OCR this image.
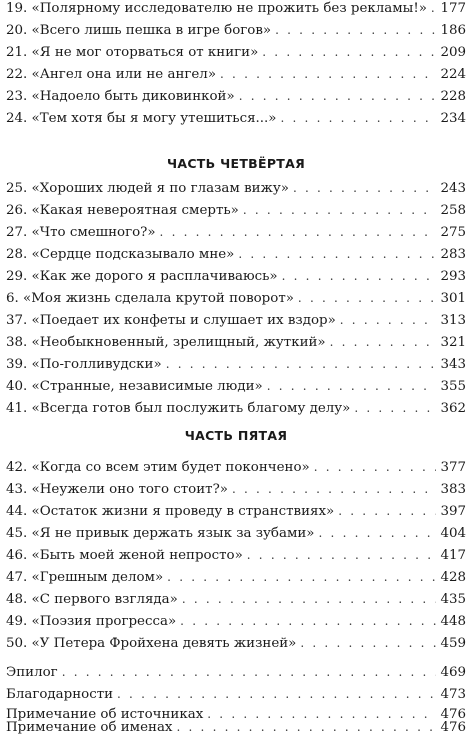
19. «Полярному исследователю не прожить без рекламы!» . . . 177
20. «Всего лишь пешка в игре богов» . . .	186
21. «Я не мог оторваться от книги» . . .	209
22. «Ангел она или не ангел» . . .	224
23. «Надоело быть диковинкой» . . .	228
24. «Тем хотя бы я могу утешиться...» . . .	234
ЧАСТЬ ЧЕТВЁРТАЯ
25. «Хороших людей я по глазам вижу» . . .	243
26. «Какая невероятная смерть» . . .	258
27. «Что смешного?» . . .	275
28. «Сердце подсказывало мне» . . .	283
29. «Как же дорого я расплачиваюсь» . . .	293
6. «Моя жизнь сделала крутой поворот» . . .	301
37. «Поедает их конфеты и слушает их вздор» . . .	313
38. «Необыкновенный, зрелищный, жуткий» . . .	321
39. «По-голливудски» . . .	343
40. «Странные, независимые люди» . . .	355
41. «Всегда готов был послужить благому делу» . . .	362
ЧАСТЬ ПЯТАЯ
42. «Когда со всем этим будет покончено» . . .	377
43. «Неужели оно того стоит?» . . .	383
44. «Остаток жизни я проведу в странствиях» . . .	397
45. «Я не привык держать язык за зубами» . . .	404
46. «Быть моей женой непросто» . . .	417
47. «Грешным делом» . . .	428
48. «С первого взгляда» . . .	435
49. «Поэзия прогресса» . . .	448
50. «У Петера Фройхена девять жизней» . . .	459
Эпилог . . .	469
Благодарности . . .	473
Примечание об источниках . . .	476
Примечание об именах . . .	476
